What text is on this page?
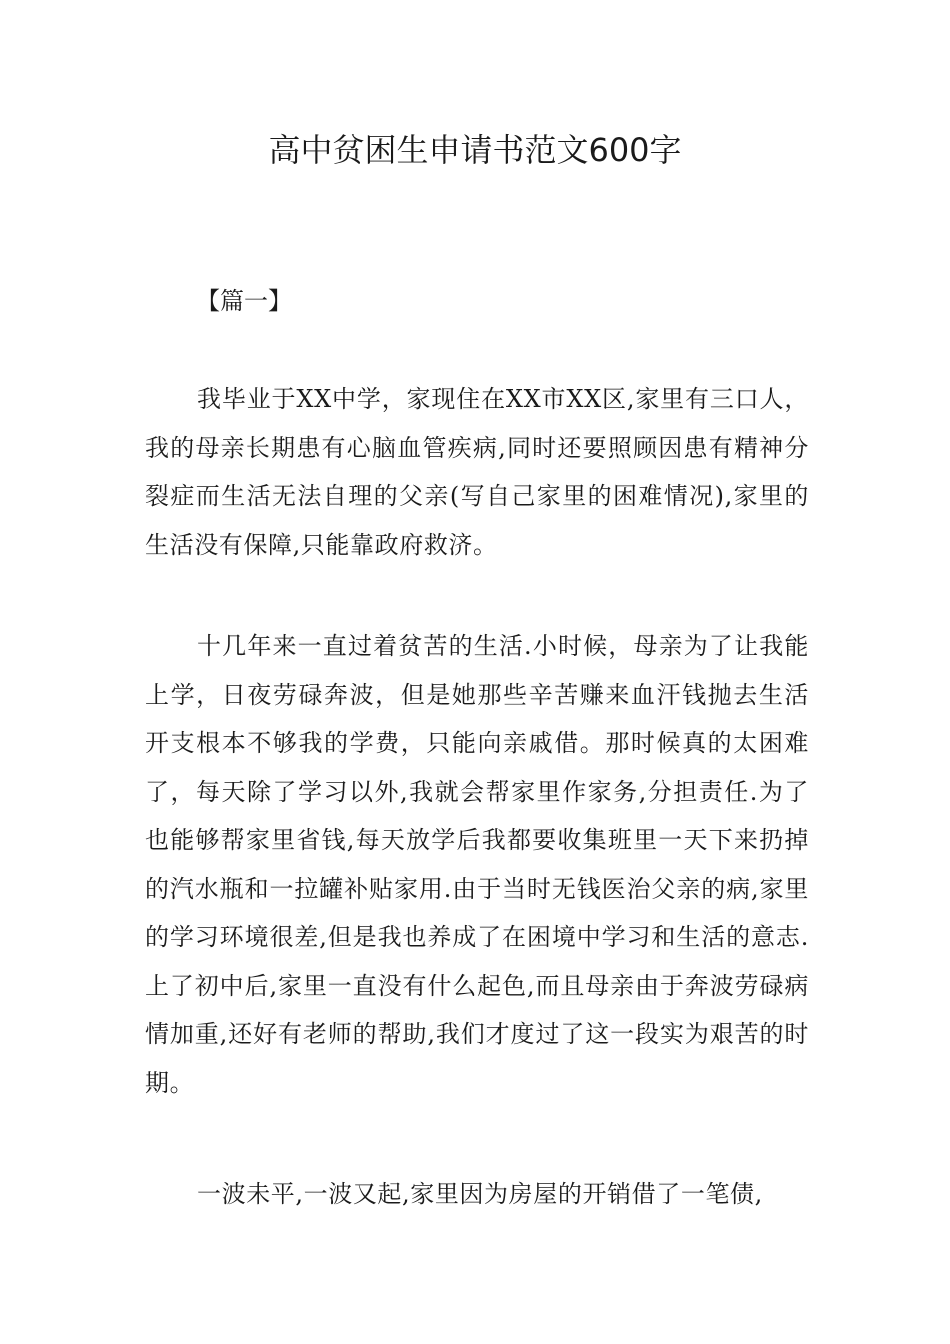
高中贫困生申请书范文600字
【篇一】
我毕业于XX中学，家现住在XX市XX区,家里有三口人，我的母亲长期患有心脑血管疾病,同时还要照顾因患有精神分裂症而生活无法自理的父亲(写自己家里的困难情况),家里的生活没有保障,只能靠政府救济。
十几年来一直过着贫苦的生活.小时候，母亲为了让我能上学，日夜劳碌奔波，但是她那些辛苦赚来血汗钱抛去生活开支根本不够我的学费，只能向亲戚借。那时候真的太困难了，每天除了学习以外,我就会帮家里作家务,分担责任.为了也能够帮家里省钱,每天放学后我都要收集班里一天下来扔掉的汽水瓶和一拉罐补贴家用.由于当时无钱医治父亲的病,家里的学习环境很差,但是我也养成了在困境中学习和生活的意志.上了初中后,家里一直没有什么起色,而且母亲由于奔波劳碌病情加重,还好有老师的帮助,我们才度过了这一段实为艰苦的时期。
一波未平,一波又起,家里因为房屋的开销借了一笔债,
